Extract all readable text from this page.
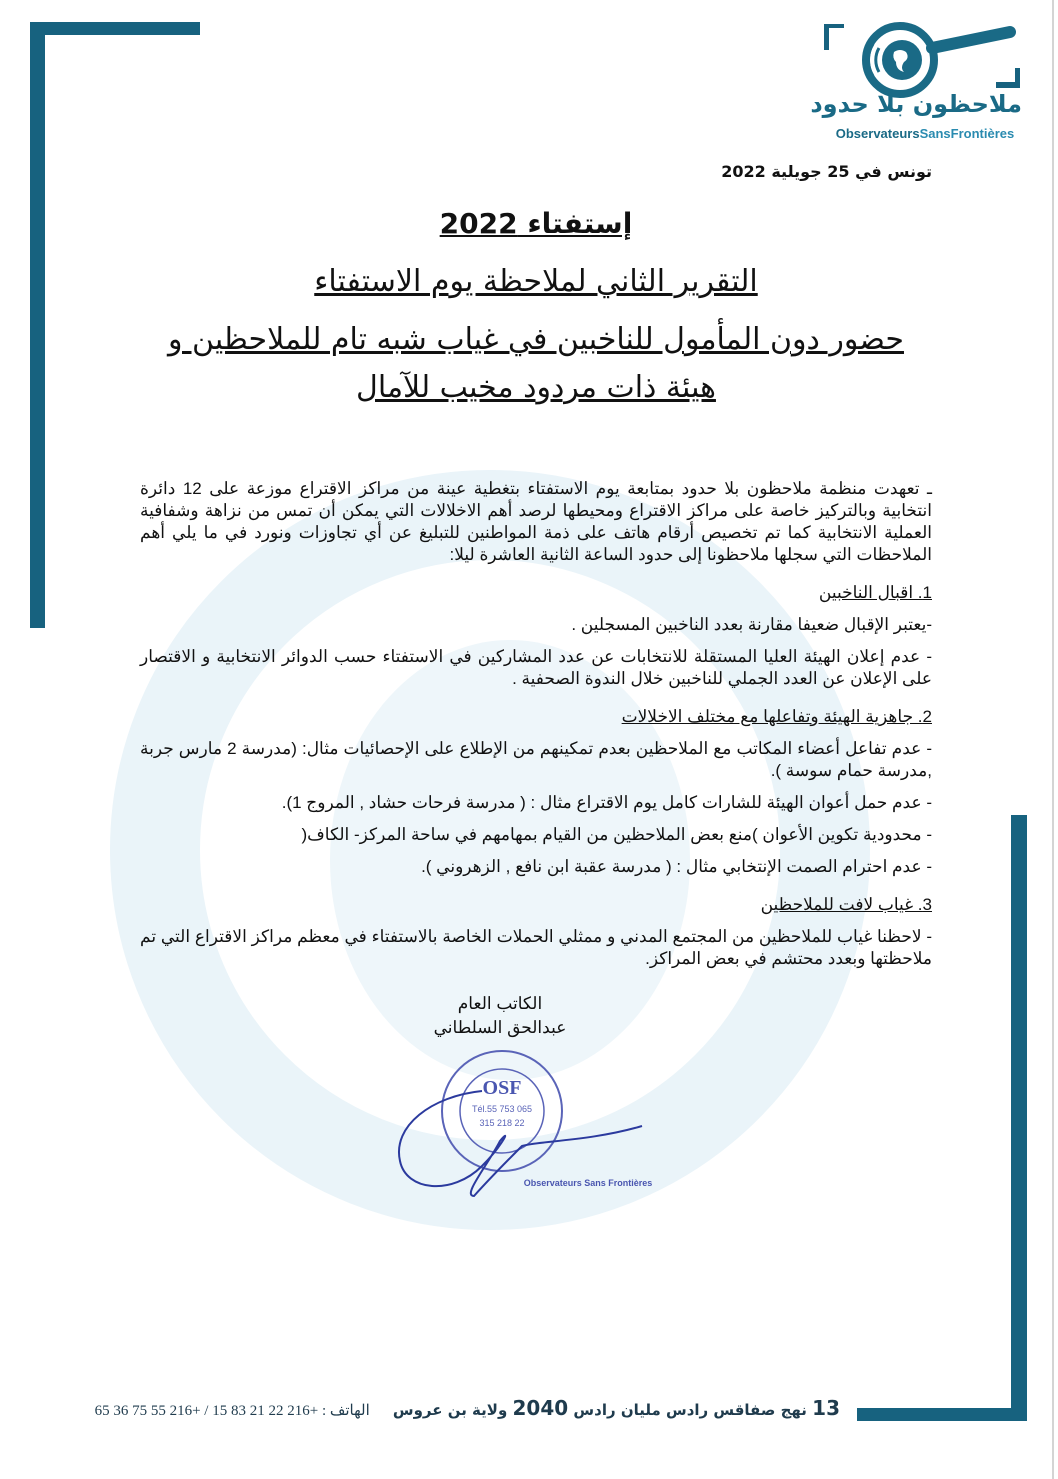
ملاحظون بلا حدود
ObservateursSansFrontières
تونس في 25 جويلية 2022
إستفتاء 2022
التقرير الثاني لملاحظة يوم الاستفتاء
حضور دون المأمول للناخبين في غياب شبه تام للملاحظين و هيئة ذات مردود مخيب للآمال
ـ تعهدت منظمة ملاحظون بلا حدود بمتابعة يوم الاستفتاء بتغطية عينة من مراكز الاقتراع موزعة على 12 دائرة انتخابية وبالتركيز خاصة على مراكز الاقتراع ومحيطها لرصد أهم الاخلالات التي يمكن أن تمس من نزاهة وشفافية العملية الانتخابية كما تم تخصيص أرقام هاتف على ذمة المواطنين للتبليغ عن أي تجاوزات ونورد في ما يلي أهم الملاحظات التي سجلها ملاحظونا إلى حدود الساعة الثانية العاشرة ليلا:
1. اقبال الناخبين
-يعتبر الإقبال ضعيفا مقارنة بعدد الناخبين المسجلين .
- عدم إعلان الهيئة العليا المستقلة للانتخابات عن عدد المشاركين في الاستفتاء حسب الدوائر الانتخابية و الاقتصار على الإعلان عن العدد الجملي للناخبين خلال الندوة الصحفية .
2. جاهزية الهيئة وتفاعلها مع مختلف الاخلالات
- عدم تفاعل أعضاء المكاتب مع الملاحظين بعدم تمكينهم من الإطلاع على الإحصائيات مثال: (مدرسة 2 مارس جربة ,مدرسة حمام سوسة ).
- عدم حمل أعوان الهيئة للشارات كامل يوم الاقتراع مثال : ( مدرسة فرحات حشاد , المروج 1).
- محدودية تكوين الأعوان )منع بعض الملاحظين من القيام بمهامهم في ساحة المركز- الكاف(
- عدم احترام الصمت الإنتخابي مثال : ( مدرسة عقبة ابن نافع , الزهروني ).
3. غياب لافت للملاحظين
- لاحظنا غياب للملاحظين من المجتمع المدني و ممثلي الحملات الخاصة بالاستفتاء في معظم مراكز الاقتراع التي تم ملاحظتها وبعدد محتشم في بعض المراكز.
الكاتب العام
عبدالحق السلطاني
OSF
Tél.55 753 065
22 218 315
Observateurs Sans Frontières
13 نهج صفاقس رادس مليان رادس 2040 ولاية بن عروس الهاتف : 65 36 75 55 216+ / 15 83 21 22 216+
